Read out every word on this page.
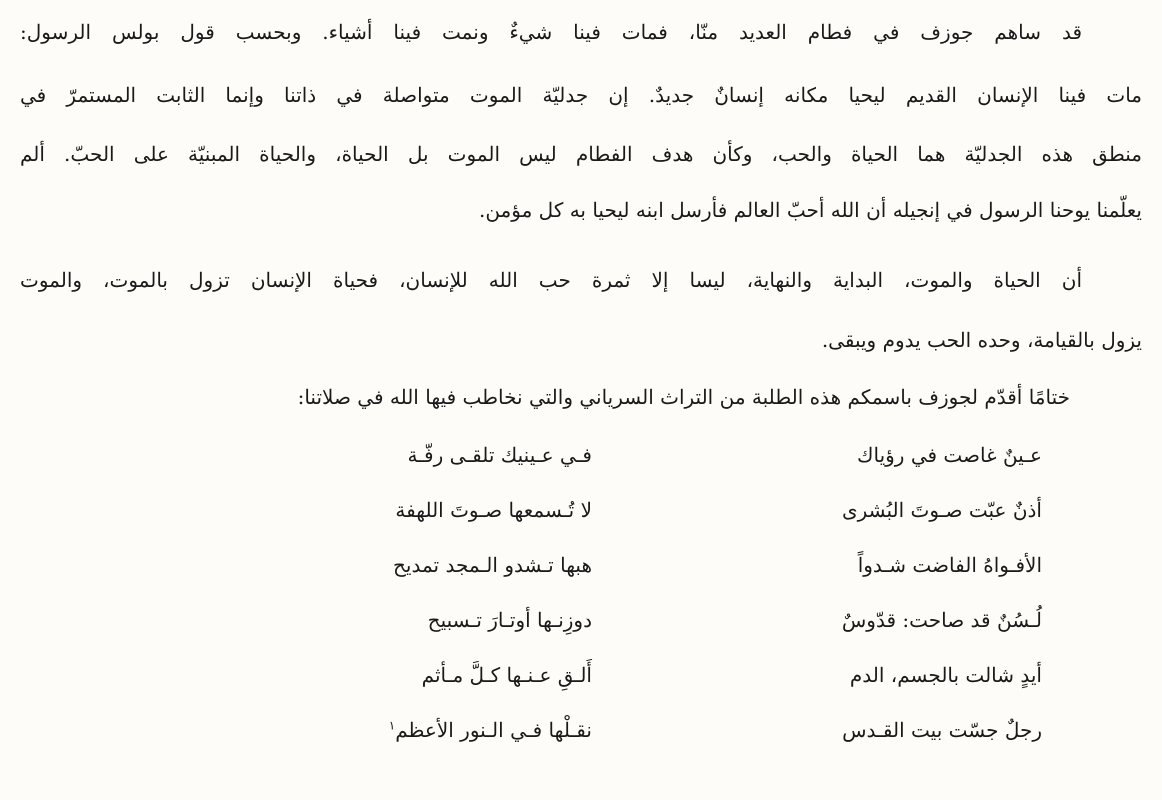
قد ساهم جوزف في فطام العديد منّا، فمات فينا شيءٌ ونمت فينا أشياء. وبحسب قول بولس الرسول:
مات فينا الإنسان القديم ليحيا مكانه إنسانٌ جديدٌ. إن جدليّة الموت متواصلة في ذاتنا وإنما الثابت المستمرّ في
منطق هذه الجدليّة هما الحياة والحب، وكأن هدف الفطام ليس الموت بل الحياة، والحياة المبنيّة على الحبّ. ألم
يعلّمنا يوحنا الرسول في إنجيله أن الله أحبّ العالم فأرسل ابنه ليحيا به كل مؤمن.
أن الحياة والموت، البداية والنهاية، ليسا إلا ثمرة حب الله للإنسان، فحياة الإنسان تزول بالموت، والموت
يزول بالقيامة، وحده الحب يدوم ويبقى.
ختامًا أقدّم لجوزف باسمكم هذه الطلبة من التراث السرياني والتي نخاطب فيها الله في صلاتنا:
عـينٌ غاصت في رؤياك
فـي عـينيك تلقـى رفّـة
أذنٌ عبّت صـوتَ البُشرى
لا تُـسمعها صـوتَ اللهفة
الأفـواهُ الفاضت شـدواً
هبها تـشدو الـمجد تمديح
لُـسُنٌ قد صاحت: قدّوسٌ
دوزِنـها أوتـارَ تـسبيح
أيدٍ شالت بالجسم، الدم
أَلـقِ عـنـها كـلَّ مـأثم
رجلٌ جسّت بيت القـدس
نقـلْها فـي الـنور الأعظم$^١$
